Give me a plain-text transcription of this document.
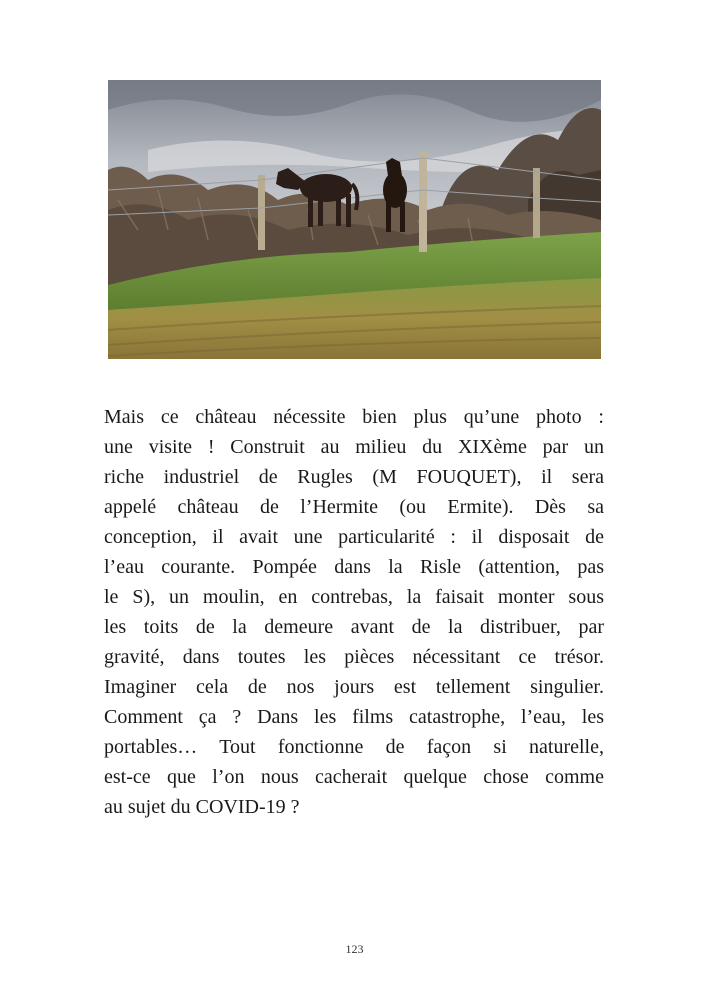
Mais ce château nécessite bien plus qu’une photo :
une visite ! Construit au milieu du XIXème par un
riche industriel de Rugles (M FOUQUET), il sera
appelé château de l’Hermite (ou Ermite). Dès sa
conception, il avait une particularité : il disposait de
l’eau courante. Pompée dans la Risle (attention, pas
le S), un moulin, en contrebas, la faisait monter sous
les toits de la demeure avant de la distribuer, par
gravité, dans toutes les pièces nécessitant ce trésor.
Imaginer cela de nos jours est tellement singulier.
Comment ça ? Dans les films catastrophe, l’eau, les
portables… Tout fonctionne de façon si naturelle,
est-ce que l’on nous cacherait quelque chose comme
au sujet du COVID-19 ?
123
